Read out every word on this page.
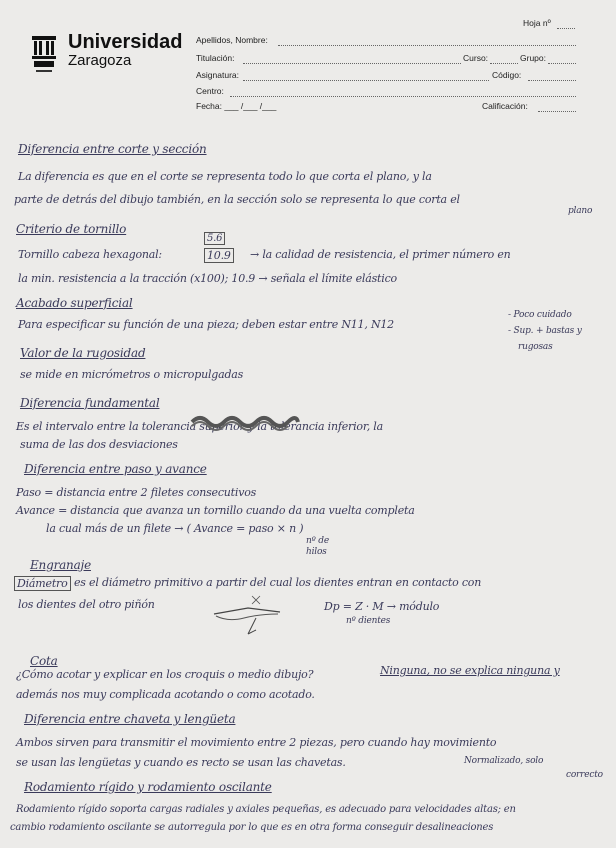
Universidad
Zaragoza
Hoja nº
Apellidos, Nombre:
Titulación:	Curso:	Grupo:
Asignatura:	Código:
Centro:
Fecha: ___ /___ /___	Calificación:
Diferencia entre corte y sección
La diferencia es que en el corte se representa todo lo que corta el plano, y la
parte de detrás del dibujo también, en la sección solo se representa lo que corta el
plano
Criterio de tornillo
Tornillo cabeza hexagonal:
5.6
10.9 → la calidad de resistencia, el primer número en
la min. resistencia a la tracción (x100); 10.9 → señala el límite elástico
Acabado superficial
Para especificar su función de una pieza; deben estar entre N11, N12
- Poco cuidado
- Sup. + bastas y
rugosas
Valor de la rugosidad
se mide en micrómetros o micropulgadas
Diferencia fundamental
Es el intervalo entre la tolerancia superior y la tolerancia inferior, la
suma de las dos desviaciones
Diferencia entre paso y avance
Paso = distancia entre 2 filetes consecutivos
Avance = distancia que avanza un tornillo cuando da una vuelta completa
la cual más de un filete → ( Avance = paso × n )
nº de
hilos
Engranaje
Diámetro es el diámetro primitivo a partir del cual los dientes entran en contacto con
los dientes del otro piñón	Dp = Z · M → módulo
nº dientes
Cota
¿Cómo acotar y explicar en los croquis o medio dibujo?	Ninguna, no se explica ninguna y
además nos muy complicada acotando o como acotado.
Diferencia entre chaveta y lengüeta
Ambos sirven para transmitir el movimiento entre 2 piezas, pero cuando hay movimiento
se usan las lengüetas y cuando es recto se usan las chavetas.	Normalizado, solo
correcto
Rodamiento rígido y rodamiento oscilante
Rodamiento rígido soporta cargas radiales y axiales pequeñas, es adecuado para velocidades altas; en
cambio rodamiento oscilante se autorregula por lo que es en otra forma conseguir desalineaciones
